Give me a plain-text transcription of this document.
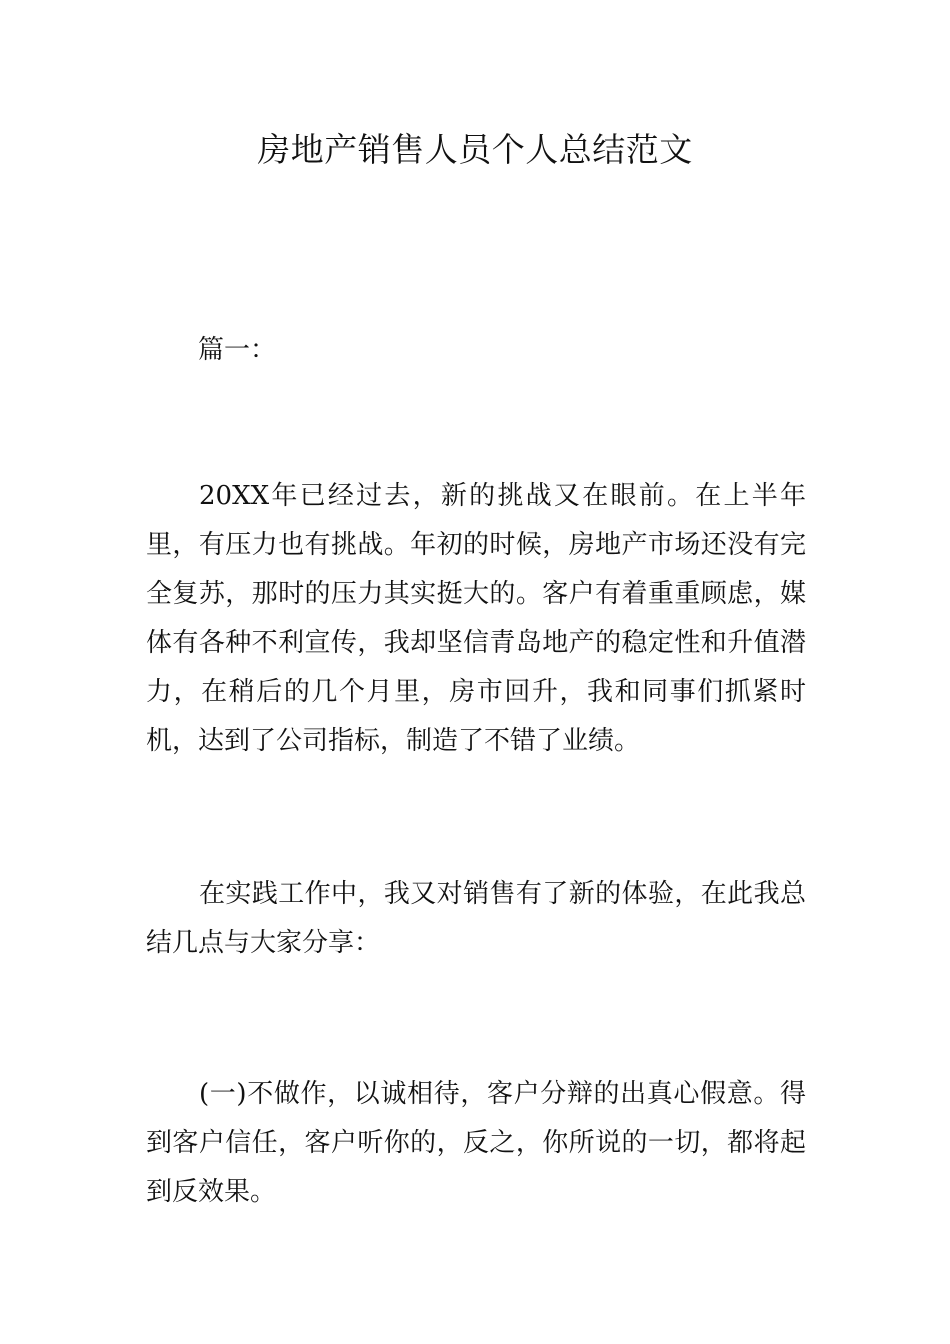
房地产销售人员个人总结范文
篇一：

20XX年已经过去，新的挑战又在眼前。在上半年里，有压力也有挑战。年初的时候，房地产市场还没有完全复苏，那时的压力其实挺大的。客户有着重重顾虑，媒体有各种不利宣传，我却坚信青岛地产的稳定性和升值潜力，在稍后的几个月里，房市回升，我和同事们抓紧时机，达到了公司指标，制造了不错了业绩。

在实践工作中，我又对销售有了新的体验，在此我总结几点与大家分享：

(一)不做作，以诚相待，客户分辩的出真心假意。得到客户信任，客户听你的，反之，你所说的一切，都将起到反效果。
